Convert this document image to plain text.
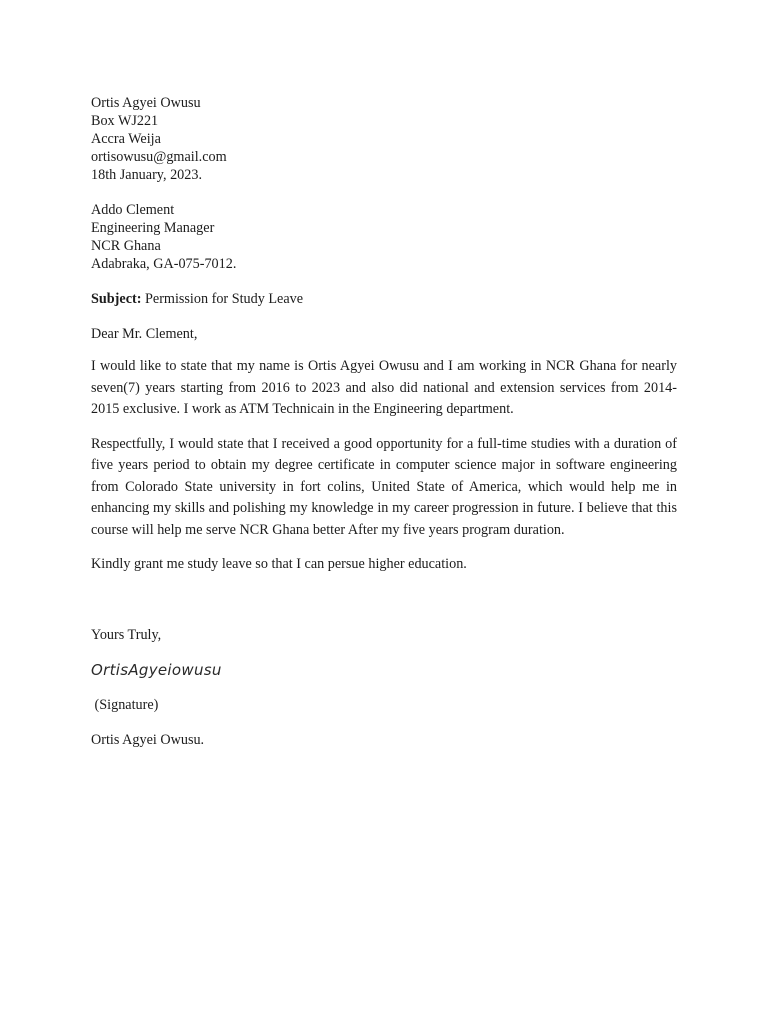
Ortis Agyei Owusu
Box WJ221
Accra Weija
ortisowusu@gmail.com
18th January, 2023.
Addo Clement
Engineering Manager
NCR Ghana
Adabraka, GA-075-7012.
Subject: Permission for Study Leave
Dear Mr. Clement,

I would like to state that my name is Ortis Agyei Owusu and I am working in NCR Ghana for nearly seven(7) years starting from 2016 to 2023 and also did national and extension services from 2014-2015 exclusive. I work as ATM Technicain in the Engineering department.

Respectfully, I would state that I received a good opportunity for a full-time studies with a duration of five years period to obtain my degree certificate in computer science major in software engineering from Colorado State university in fort colins, United State of America, which would help me in enhancing my skills and polishing my knowledge in my career progression in future. I believe that this course will help me serve NCR Ghana better After my five years program duration.

Kindly grant me study leave so that I can persue higher education.

Yours Truly,
OrtisAgyeiowusu
(Signature)
Ortis Agyei Owusu.
